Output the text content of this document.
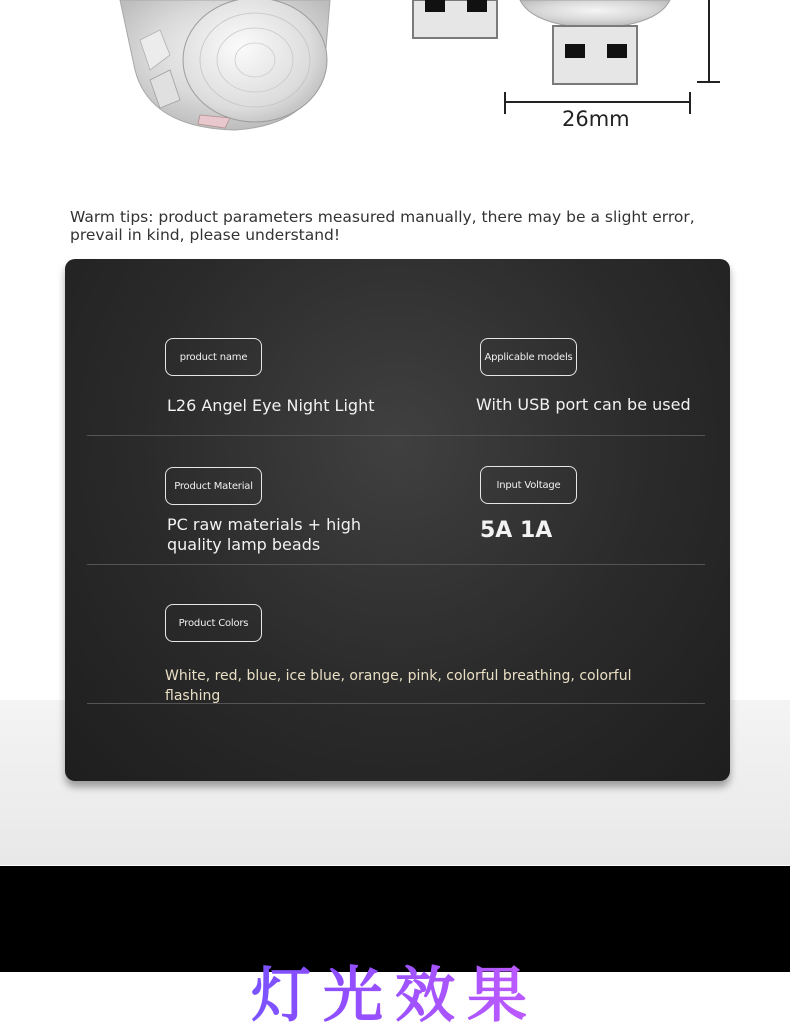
26mm
Warm tips: product parameters measured manually, there may be a slight error, prevail in kind, please understand!
product name
L26 Angel Eye Night Light
Applicable models
With USB port can be used
Product Material
PC raw materials + high quality lamp beads
Input Voltage
5A 1A
Product Colors
White, red, blue, ice blue, orange, pink, colorful breathing, colorful flashing
灯光效果
